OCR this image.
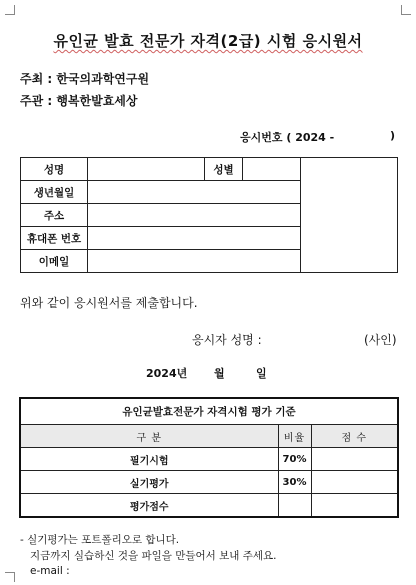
유인균 발효 전문가 자격(2급) 시험 응시원서
주최 : 한국의과학연구원
주관 : 행복한발효세상
응시번호 ( 2024 -	)
성명		성별		
생년월일				
주소				
휴대폰 번호				
이메일				
위와 같이 응시원서를 제출합니다.
응시자 성명 :	(사인)
2024년 월	일
유인균발효전문가 자격시험 평가 기준		
구 분	비율	점 수
필기시험	70%	
실기평가	30%	
평가점수		
- 실기평가는 포트폴리오로 합니다.
지금까지 실습하신 것을 파일을 만들어서 보내 주세요.
e-mail :
